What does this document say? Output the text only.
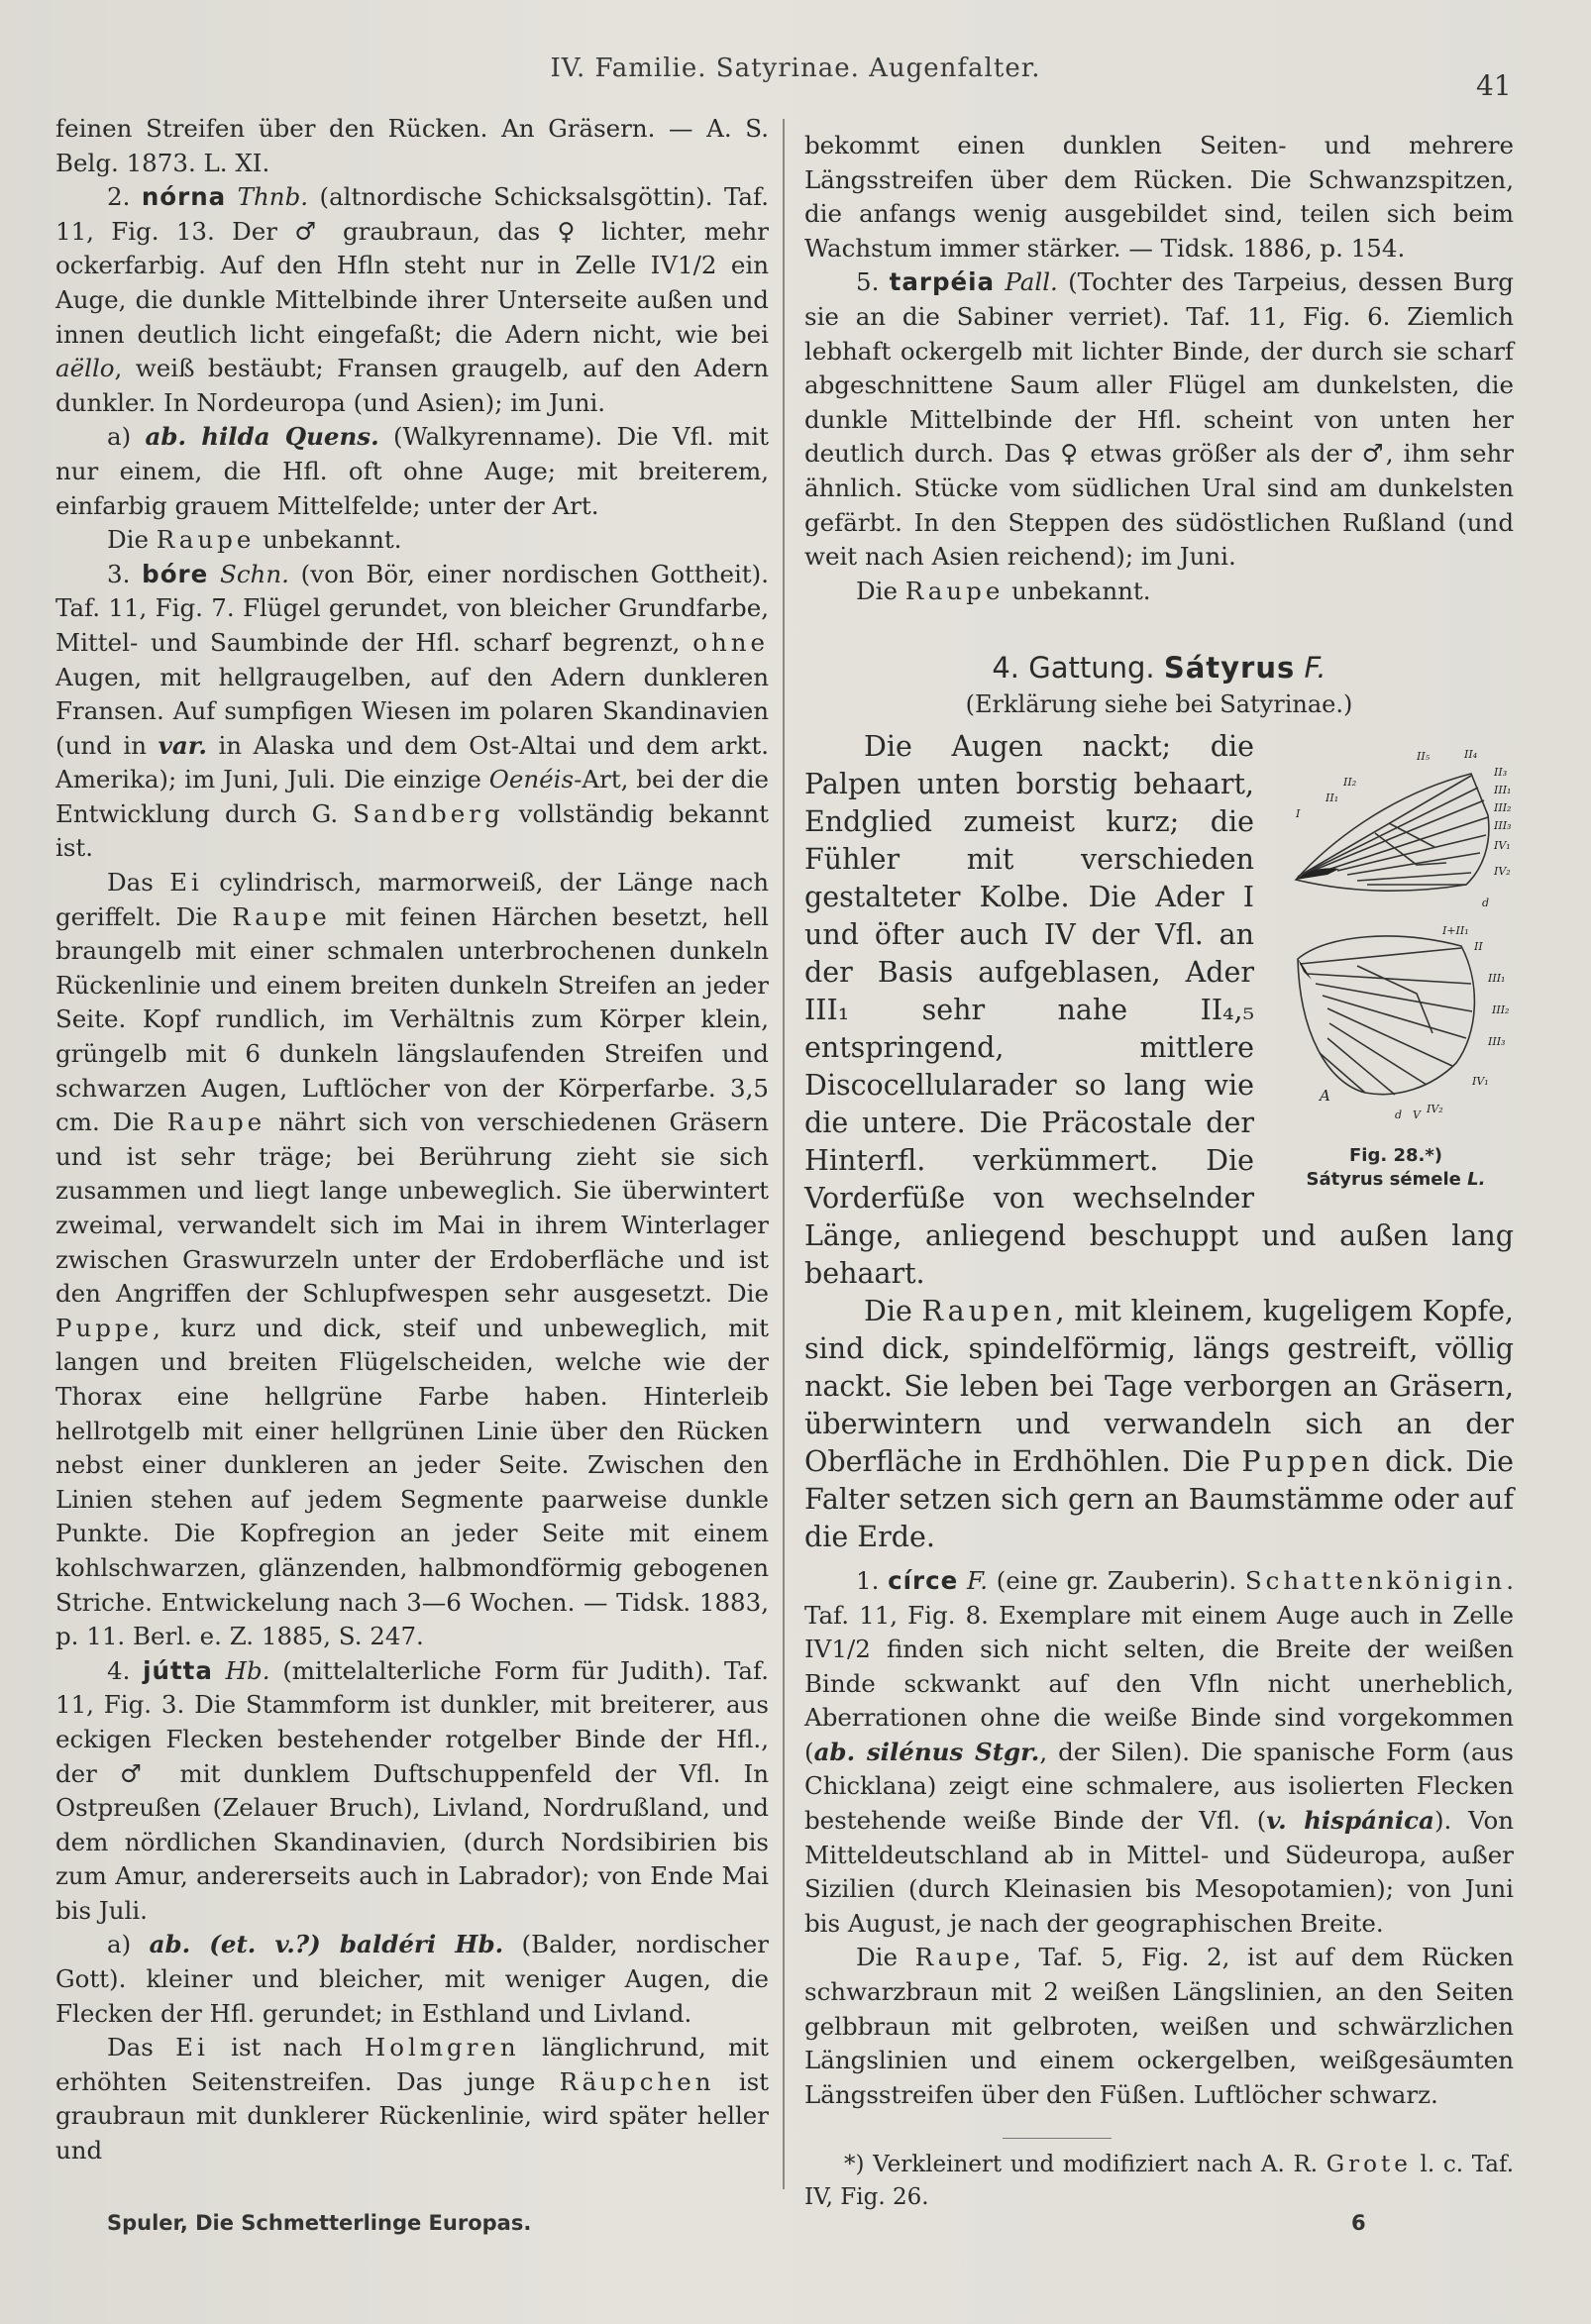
IV. Familie. Satyrinae. Augenfalter.
41

feinen Streifen über den Rücken. An Gräsern. — A. S. Belg. 1873. L. XI.

2. nórna Thnb. (altnordische Schicksalsgöttin). Taf. 11, Fig. 13. Der ♂ graubraun, das ♀ lichter, mehr ockerfarbig. Auf den Hfln steht nur in Zelle IV1/2 ein Auge, die dunkle Mittelbinde ihrer Unterseite außen und innen deutlich licht eingefaßt; die Adern nicht, wie bei aëllo, weiß bestäubt; Fransen graugelb, auf den Adern dunkler. In Nordeuropa (und Asien); im Juni.

a) ab. hilda Quens. (Walkyrenname). Die Vfl. mit nur einem, die Hfl. oft ohne Auge; mit breiterem, einfarbig grauem Mittelfelde; unter der Art.

Die Raupe unbekannt.

3. bóre Schn. (von Bör, einer nordischen Gottheit). Taf. 11, Fig. 7. Flügel gerundet, von bleicher Grundfarbe, Mittel- und Saumbinde der Hfl. scharf begrenzt, ohne Augen, mit hellgraugelben, auf den Adern dunkleren Fransen. Auf sumpfigen Wiesen im polaren Skandinavien (und in var. in Alaska und dem Ost-Altai und dem arkt. Amerika); im Juni, Juli. Die einzige Oenéis-Art, bei der die Entwicklung durch G. Sandberg vollständig bekannt ist.

Das Ei cylindrisch, marmorweiß, der Länge nach geriffelt. Die Raupe mit feinen Härchen besetzt, hell braungelb mit einer schmalen unterbrochenen dunkeln Rückenlinie und einem breiten dunkeln Streifen an jeder Seite. Kopf rundlich, im Verhältnis zum Körper klein, grüngelb mit 6 dunkeln längslaufenden Streifen und schwarzen Augen, Luftlöcher von der Körperfarbe. 3,5 cm. Die Raupe nährt sich von verschiedenen Gräsern und ist sehr träge; bei Berührung zieht sie sich zusammen und liegt lange unbeweglich. Sie überwintert zweimal, verwandelt sich im Mai in ihrem Winterlager zwischen Graswurzeln unter der Erdoberfläche und ist den Angriffen der Schlupfwespen sehr ausgesetzt. Die Puppe, kurz und dick, steif und unbeweglich, mit langen und breiten Flügelscheiden, welche wie der Thorax eine hellgrüne Farbe haben. Hinterleib hellrotgelb mit einer hellgrünen Linie über den Rücken nebst einer dunkleren an jeder Seite. Zwischen den Linien stehen auf jedem Segmente paarweise dunkle Punkte. Die Kopfregion an jeder Seite mit einem kohlschwarzen, glänzenden, halbmondförmig gebogenen Striche. Entwickelung nach 3—6 Wochen. — Tidsk. 1883, p. 11. Berl. e. Z. 1885, S. 247.

4. jútta Hb. (mittelalterliche Form für Judith). Taf. 11, Fig. 3. Die Stammform ist dunkler, mit breiterer, aus eckigen Flecken bestehender rotgelber Binde der Hfl., der ♂ mit dunklem Duftschuppenfeld der Vfl. In Ostpreußen (Zelauer Bruch), Livland, Nordrußland, und dem nördlichen Skandinavien, (durch Nordsibirien bis zum Amur, andererseits auch in Labrador); von Ende Mai bis Juli.

a) ab. (et. v.?) baldéri Hb. (Balder, nordischer Gott). kleiner und bleicher, mit weniger Augen, die Flecken der Hfl. gerundet; in Esthland und Livland.

Das Ei ist nach Holmgren länglichrund, mit erhöhten Seitenstreifen. Das junge Räupchen ist graubraun mit dunklerer Rückenlinie, wird später heller und

bekommt einen dunklen Seiten- und mehrere Längsstreifen über dem Rücken. Die Schwanzspitzen, die anfangs wenig ausgebildet sind, teilen sich beim Wachstum immer stärker. — Tidsk. 1886, p. 154.

5. tarpéia Pall. (Tochter des Tarpeius, dessen Burg sie an die Sabiner verriet). Taf. 11, Fig. 6. Ziemlich lebhaft ockergelb mit lichter Binde, der durch sie scharf abgeschnittene Saum aller Flügel am dunkelsten, die dunkle Mittelbinde der Hfl. scheint von unten her deutlich durch. Das ♀ etwas größer als der ♂, ihm sehr ähnlich. Stücke vom südlichen Ural sind am dunkelsten gefärbt. In den Steppen des südöstlichen Rußland (und weit nach Asien reichend); im Juni.

Die Raupe unbekannt.

4. Gattung. Sátyrus F.
(Erklärung siehe bei Satyrinae.)
II₅	II₄
II₃
II₂
II₁
I
III₁
III₂
III₃
IV₁
IV₂
d
I+II₁
II
III₁
III₂
III₃
IV₁
IV₂
A
d V
Fig. 28.*)
Sátyrus sémele L.

Die Augen nackt; die Palpen unten borstig behaart, Endglied zumeist kurz; die Fühler mit verschieden gestalteter Kolbe. Die Ader I und öfter auch IV der Vfl. an der Basis aufgeblasen, Ader III₁ sehr nahe II₄,₅ entspringend, mittlere Discocellularader so lang wie die untere. Die Präcostale der Hinterfl. verkümmert. Die Vorderfüße von wechselnder Länge, anliegend beschuppt und außen lang behaart.

Die Raupen, mit kleinem, kugeligem Kopfe, sind dick, spindelförmig, längs gestreift, völlig nackt. Sie leben bei Tage verborgen an Gräsern, überwintern und verwandeln sich an der Oberfläche in Erdhöhlen. Die Puppen dick. Die Falter setzen sich gern an Baumstämme oder auf die Erde.

1. círce F. (eine gr. Zauberin). Schattenkönigin. Taf. 11, Fig. 8. Exemplare mit einem Auge auch in Zelle IV1/2 finden sich nicht selten, die Breite der weißen Binde sckwankt auf den Vfln nicht unerheblich, Aberrationen ohne die weiße Binde sind vorgekommen (ab. silénus Stgr., der Silen). Die spanische Form (aus Chicklana) zeigt eine schmalere, aus isolierten Flecken bestehende weiße Binde der Vfl. (v. hispánica). Von Mitteldeutschland ab in Mittel- und Südeuropa, außer Sizilien (durch Kleinasien bis Mesopotamien); von Juni bis August, je nach der geographischen Breite.

Die Raupe, Taf. 5, Fig. 2, ist auf dem Rücken schwarzbraun mit 2 weißen Längslinien, an den Seiten gelbbraun mit gelbroten, weißen und schwärzlichen Längslinien und einem ockergelben, weißgesäumten Längsstreifen über den Füßen. Luftlöcher schwarz.

*) Verkleinert und modifiziert nach A. R. Grote l. c. Taf. IV, Fig. 26.

Spuler, Die Schmetterlinge Europas.	6
